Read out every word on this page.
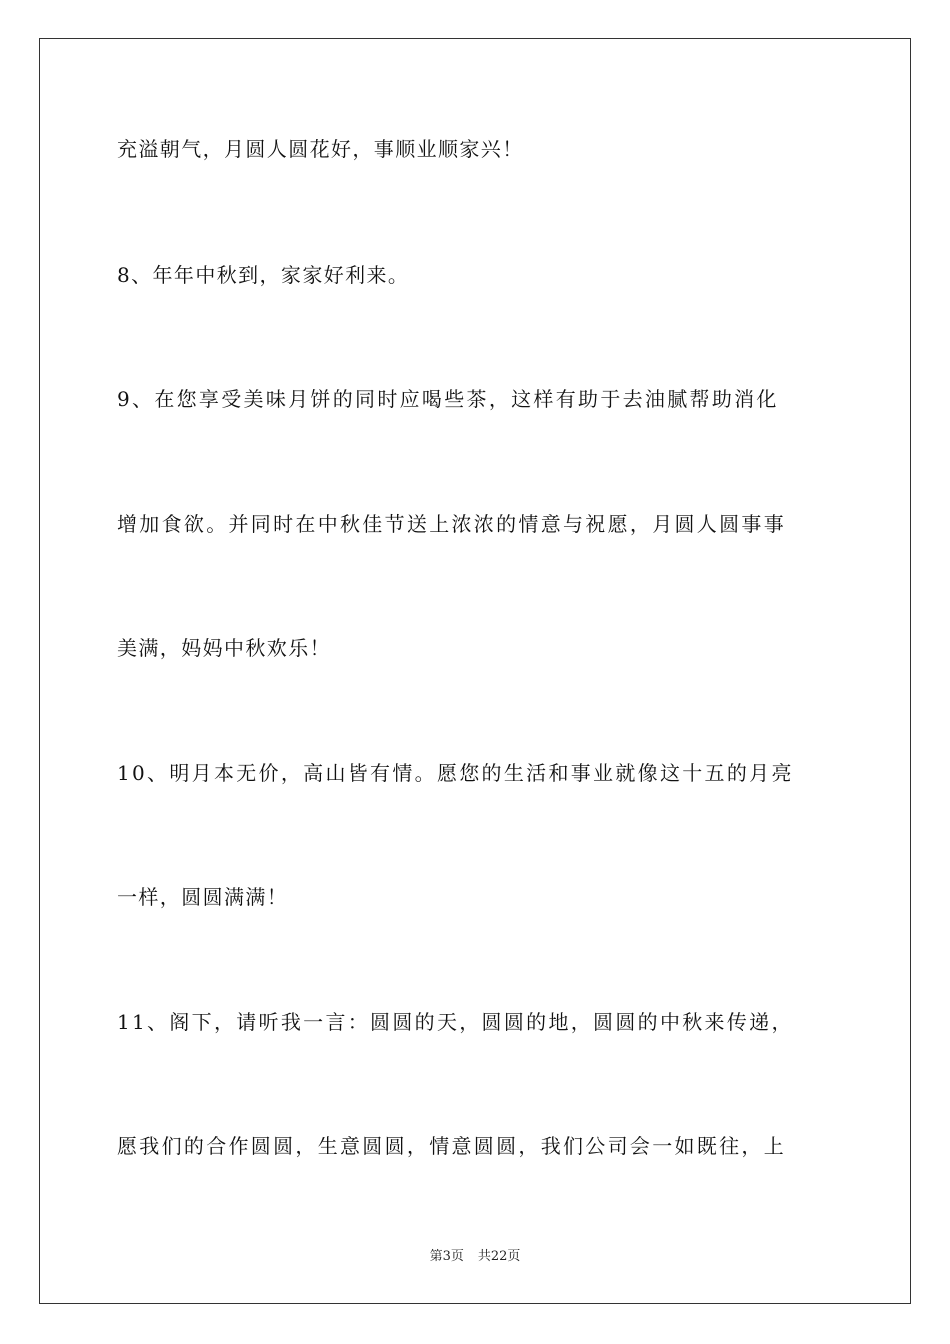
充溢朝气，月圆人圆花好，事顺业顺家兴！
8、年年中秋到，家家好利来。
9、在您享受美味月饼的同时应喝些茶，这样有助于去油腻帮助消化
增加食欲。并同时在中秋佳节送上浓浓的情意与祝愿，月圆人圆事事
美满，妈妈中秋欢乐！
10、明月本无价，高山皆有情。愿您的生活和事业就像这十五的月亮
一样，圆圆满满！
11、阁下，请听我一言：圆圆的天，圆圆的地，圆圆的中秋来传递，
愿我们的合作圆圆，生意圆圆，情意圆圆，我们公司会一如既往，上
第3页 共22页
